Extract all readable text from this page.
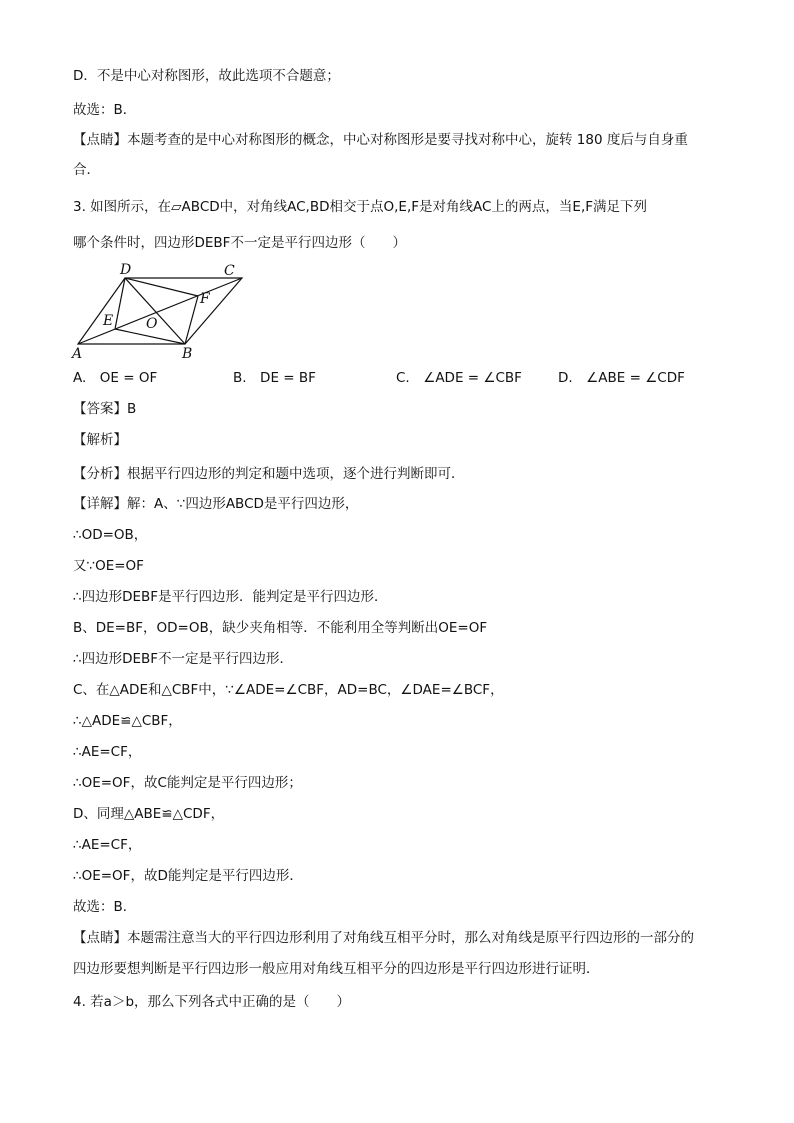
D．不是中心对称图形，故此选项不合题意；
故选：B．
【点睛】本题考查的是中心对称图形的概念，中心对称图形是要寻找对称中心，旋转 180 度后与自身重
合．
3. 如图所示，在▱ABCD中，对角线AC,BD相交于点O,E,F是对角线AC上的两点，当E,F满足下列
哪个条件时，四边形DEBF不一定是平行四边形（　　）
D	C
F
E O
A	B
A.　OE = OF	B.　DE = BF	C.　∠ADE = ∠CBF	D.　∠ABE = ∠CDF
【答案】B
【解析】
【分析】根据平行四边形的判定和题中选项，逐个进行判断即可．
【详解】解：A、∵四边形ABCD是平行四边形，
∴OD=OB，
又∵OE=OF
∴四边形DEBF是平行四边形．能判定是平行四边形．
B、DE=BF，OD=OB，缺少夹角相等．不能利用全等判断出OE=OF
∴四边形DEBF不一定是平行四边形．
C、在△ADE和△CBF中，∵∠ADE=∠CBF，AD=BC，∠DAE=∠BCF，
∴△ADE≌△CBF，
∴AE=CF，
∴OE=OF，故C能判定是平行四边形；
D、同理△ABE≌△CDF，
∴AE=CF，
∴OE=OF，故D能判定是平行四边形．
故选：B．
【点睛】本题需注意当大的平行四边形利用了对角线互相平分时，那么对角线是原平行四边形的一部分的
四边形要想判断是平行四边形一般应用对角线互相平分的四边形是平行四边形进行证明．
4. 若a＞b，那么下列各式中正确的是（　　）
